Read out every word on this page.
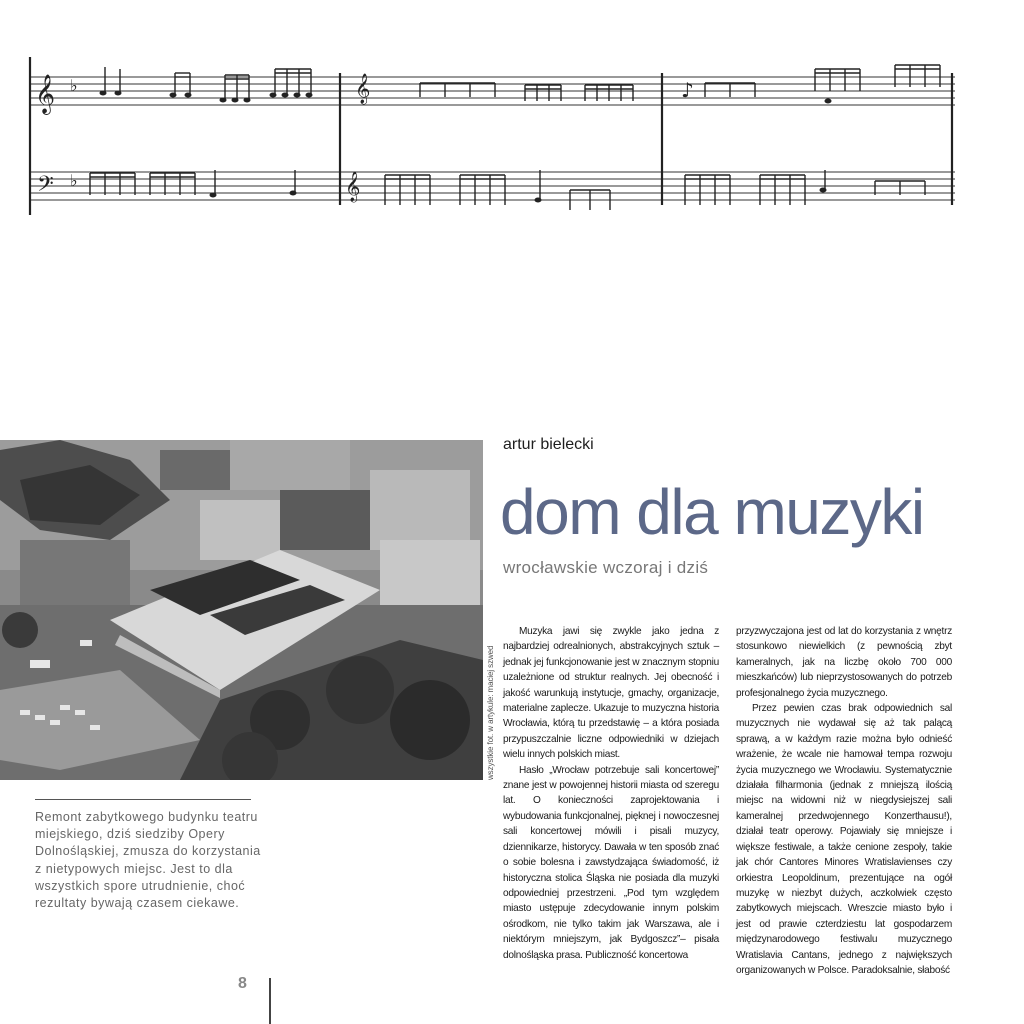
𝄞
𝄢
♭
♭
𝄞
𝄞
♪
wszystkie fot. w artykule: maciej szwed
Remont zabytkowego budynku teatru miejskiego, dziś siedziby Opery Dolnośląskiej, zmusza do korzystania z nietypowych miejsc. Jest to dla wszystkich spore utrudnienie, choć rezultaty bywają czasem ciekawe.
artur bielecki
dom dla muzyki
wrocławskie wczoraj i dziś

Muzyka jawi się zwykle jako jedna z najbardziej odrealnionych, abstrakcyjnych sztuk – jednak jej funkcjonowanie jest w znacznym stopniu uzależnione od struktur realnych. Jej obecność i jakość warunkują instytucje, gmachy, organizacje, materialne zaplecze. Ukazuje to muzyczna historia Wrocławia, którą tu przedstawię – a która posiada przypuszczalnie liczne odpowiedniki w dziejach wielu innych polskich miast.

Hasło „Wrocław potrzebuje sali koncertowej” znane jest w powojennej historii miasta od szeregu lat. O konieczności zaprojektowania i wybudowania funkcjonalnej, pięknej i nowoczesnej sali koncertowej mówili i pisali muzycy, dziennikarze, historycy. Dawała w ten sposób znać o sobie bolesna i zawstydzająca świadomość, iż historyczna stolica Śląska nie posiada dla muzyki odpowiedniej przestrzeni. „Pod tym względem miasto ustępuje zdecydowanie innym polskim ośrodkom, nie tylko takim jak Warszawa, ale i niektórym mniejszym, jak Bydgoszcz”– pisała dolnośląska prasa. Publiczność koncertowa

przyzwyczajona jest od lat do korzystania z wnętrz stosunkowo niewielkich (z pewnością zbyt kameralnych, jak na liczbę około 700 000 mieszkańców) lub nieprzystosowanych do potrzeb profesjonalnego życia muzycznego.

Przez pewien czas brak odpowiednich sal muzycznych nie wydawał się aż tak palącą sprawą, a w każdym razie można było odnieść wrażenie, że wcale nie hamował tempa rozwoju życia muzycznego we Wrocławiu. Systematycznie działała filharmonia (jednak z mniejszą ilością miejsc na widowni niż w niegdysiejszej sali kameralnej przedwojennego Konzerthausu!), działał teatr operowy. Pojawiały się mniejsze i większe festiwale, a także cenione zespoły, takie jak chór Cantores Minores Wratislavienses czy orkiestra Leopoldinum, prezentujące na ogół muzykę w niezbyt dużych, aczkolwiek często zabytkowych miejscach. Wreszcie miasto było i jest od prawie czterdziestu lat gospodarzem międzynarodowego festiwalu muzycznego Wratislavia Cantans, jednego z największych organizowanych w Polsce. Paradoksalnie, słabość

8
